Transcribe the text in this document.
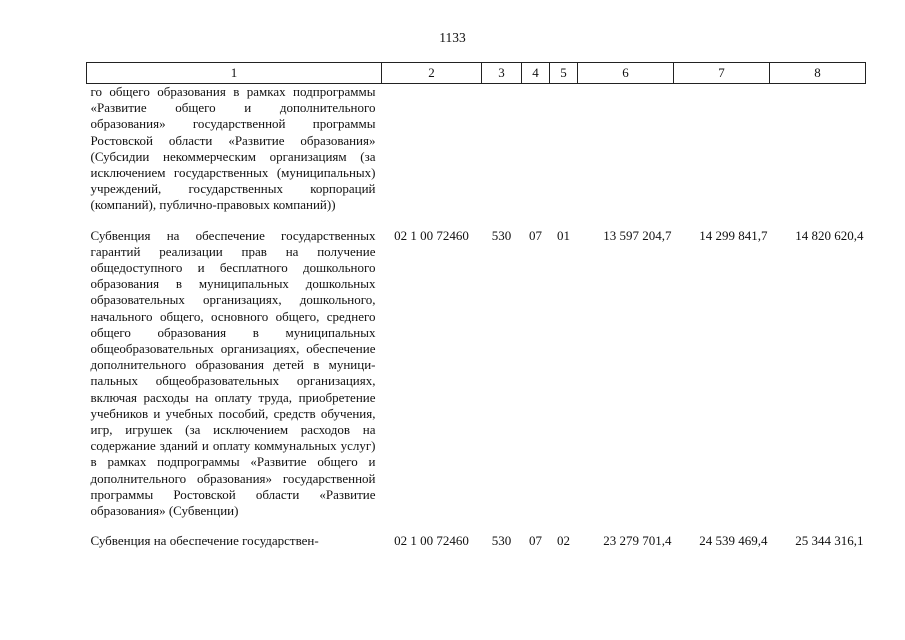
1133
1	2	3	4	5	6	7	8
го общего образования в рамках подпрограммы «Развитие общего и дополнительного образования» государственной программы Ростовской области «Развитие образования» (Субсидии некоммерческим организациям (за исключением государственных (муниципальных) учреждений, государственных корпораций (компаний), публично-правовых компаний))							
Субвенция на обеспечение государственных гарантий реализации прав на получение общедоступного и бесплатного дошкольного образования в муниципальных дошкольных образовательных организациях, дошкольного, начального общего, основного общего, среднего общего образования в муниципальных общеобразовательных организациях, обеспечение дополнительного образования детей в муниципальных общеобразовательных организациях, включая расходы на оплату труда, приобретение учебников и учебных пособий, средств обучения, игр, игрушек (за исключением расходов на содержание зданий и оплату коммунальных услуг) в рамках подпрограммы «Развитие общего и дополнительного образования» государственной программы Ростовской области «Развитие образования» (Субвенции)	02 1 00 72460	530	07	01	13 597 204,7	14 299 841,7	14 820 620,4
Субвенция на обеспечение государствен-	02 1 00 72460	530	07	02	23 279 701,4	24 539 469,4	25 344 316,1
